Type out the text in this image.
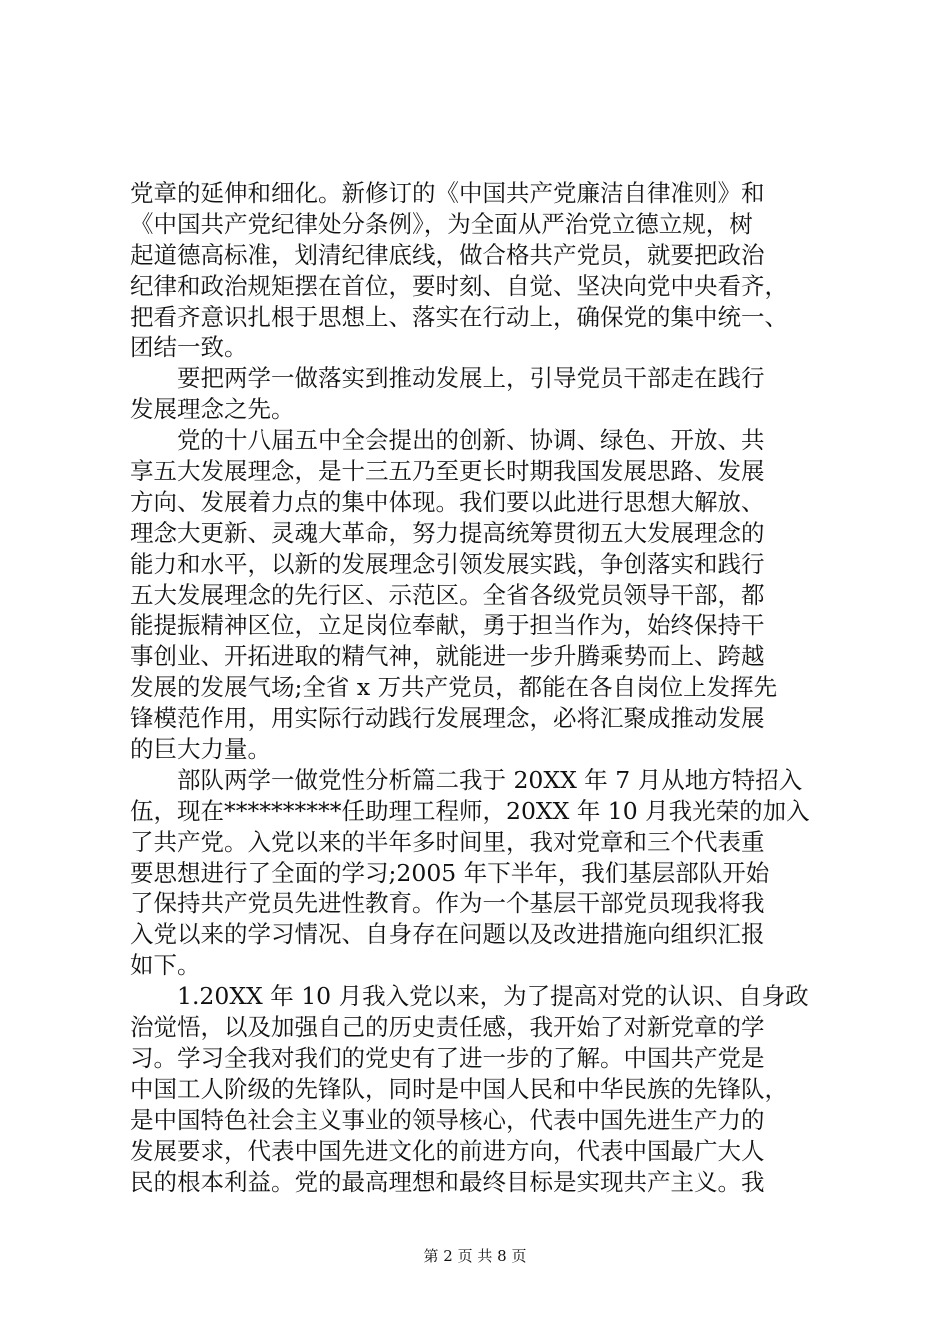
党章的延伸和细化。新修订的《中国共产党廉洁自律准则》和
《中国共产党纪律处分条例》，为全面从严治党立德立规，树
起道德高标准，划清纪律底线，做合格共产党员，就要把政治
纪律和政治规矩摆在首位，要时刻、自觉、坚决向党中央看齐，
把看齐意识扎根于思想上、落实在行动上，确保党的集中统一、
团结一致。
　　要把两学一做落实到推动发展上，引导党员干部走在践行
发展理念之先。
　　党的十八届五中全会提出的创新、协调、绿色、开放、共
享五大发展理念，是十三五乃至更长时期我国发展思路、发展
方向、发展着力点的集中体现。我们要以此进行思想大解放、
理念大更新、灵魂大革命，努力提高统筹贯彻五大发展理念的
能力和水平，以新的发展理念引领发展实践，争创落实和践行
五大发展理念的先行区、示范区。全省各级党员领导干部，都
能提振精神区位，立足岗位奉献，勇于担当作为，始终保持干
事创业、开拓进取的精气神，就能进一步升腾乘势而上、跨越
发展的发展气场;全省 x 万共产党员，都能在各自岗位上发挥先
锋模范作用，用实际行动践行发展理念，必将汇聚成推动发展
的巨大力量。
　　部队两学一做党性分析篇二我于 20XX 年 7 月从地方特招入
伍，现在**********任助理工程师，20XX 年 10 月我光荣的加入
了共产党。入党以来的半年多时间里，我对党章和三个代表重
要思想进行了全面的学习;2005 年下半年，我们基层部队开始
了保持共产党员先进性教育。作为一个基层干部党员现我将我
入党以来的学习情况、自身存在问题以及改进措施向组织汇报
如下。
　　1.20XX 年 10 月我入党以来，为了提高对党的认识、自身政
治觉悟，以及加强自己的历史责任感，我开始了对新党章的学
习。学习全我对我们的党史有了进一步的了解。中国共产党是
中国工人阶级的先锋队，同时是中国人民和中华民族的先锋队，
是中国特色社会主义事业的领导核心，代表中国先进生产力的
发展要求，代表中国先进文化的前进方向，代表中国最广大人
民的根本利益。党的最高理想和最终目标是实现共产主义。我
第 2 页 共 8 页
